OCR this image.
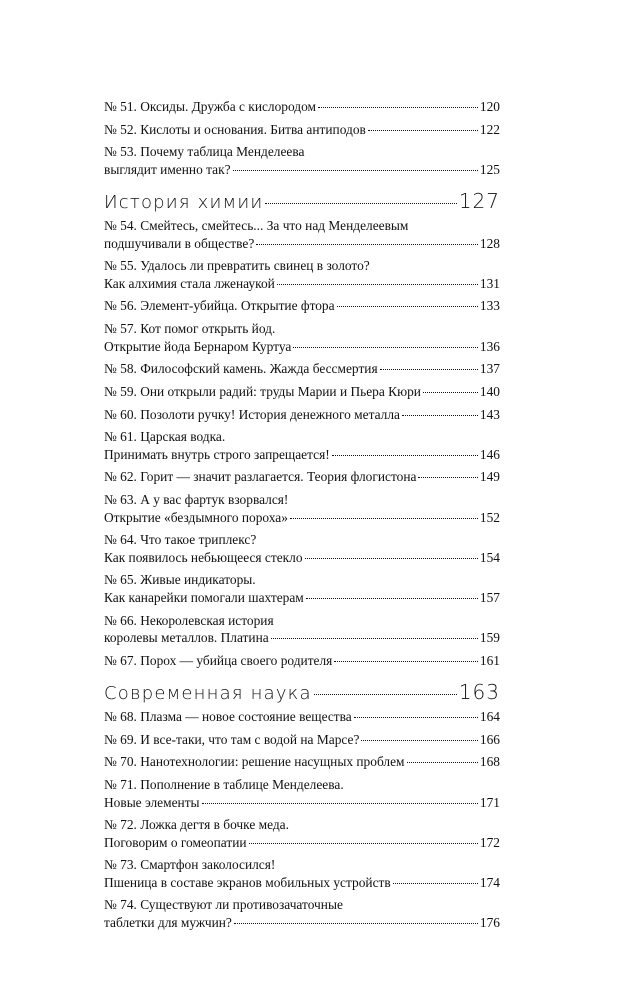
№ 51. Оксиды. Дружба с кислородом	120
№ 52. Кислоты и основания. Битва антиподов	122
№ 53. Почему таблица Менделеева
выглядит именно так?	125
История химии	127
№ 54. Смейтесь, смейтесь... За что над Менделеевым
подшучивали в обществе?	128
№ 55. Удалось ли превратить свинец в золото?
Как алхимия стала лженаукой	131
№ 56. Элемент-убийца. Открытие фтора	133
№ 57. Кот помог открыть йод.
Открытие йода Бернаром Куртуа	136
№ 58. Философский камень. Жажда бессмертия	137
№ 59. Они открыли радий: труды Марии и Пьера Кюри	140
№ 60. Позолоти ручку! История денежного металла	143
№ 61. Царская водка.
Принимать внутрь строго запрещается!	146
№ 62. Горит — значит разлагается. Теория флогистона	149
№ 63. А у вас фартук взорвался!
Открытие «бездымного пороха»	152
№ 64. Что такое триплекс?
Как появилось небьющееся стекло	154
№ 65. Живые индикаторы.
Как канарейки помогали шахтерам	157
№ 66. Некоролевская история
королевы металлов. Платина	159
№ 67. Порох — убийца своего родителя	161
Современная наука	163
№ 68. Плазма — новое состояние вещества	164
№ 69. И все-таки, что там с водой на Марсе?	166
№ 70. Нанотехнологии: решение насущных проблем	168
№ 71. Пополнение в таблице Менделеева.
Новые элементы	171
№ 72. Ложка дегтя в бочке меда.
Поговорим о гомеопатии	172
№ 73. Смартфон заколосился!
Пшеница в составе экранов мобильных устройств	174
№ 74. Существуют ли противозачаточные
таблетки для мужчин?	176
